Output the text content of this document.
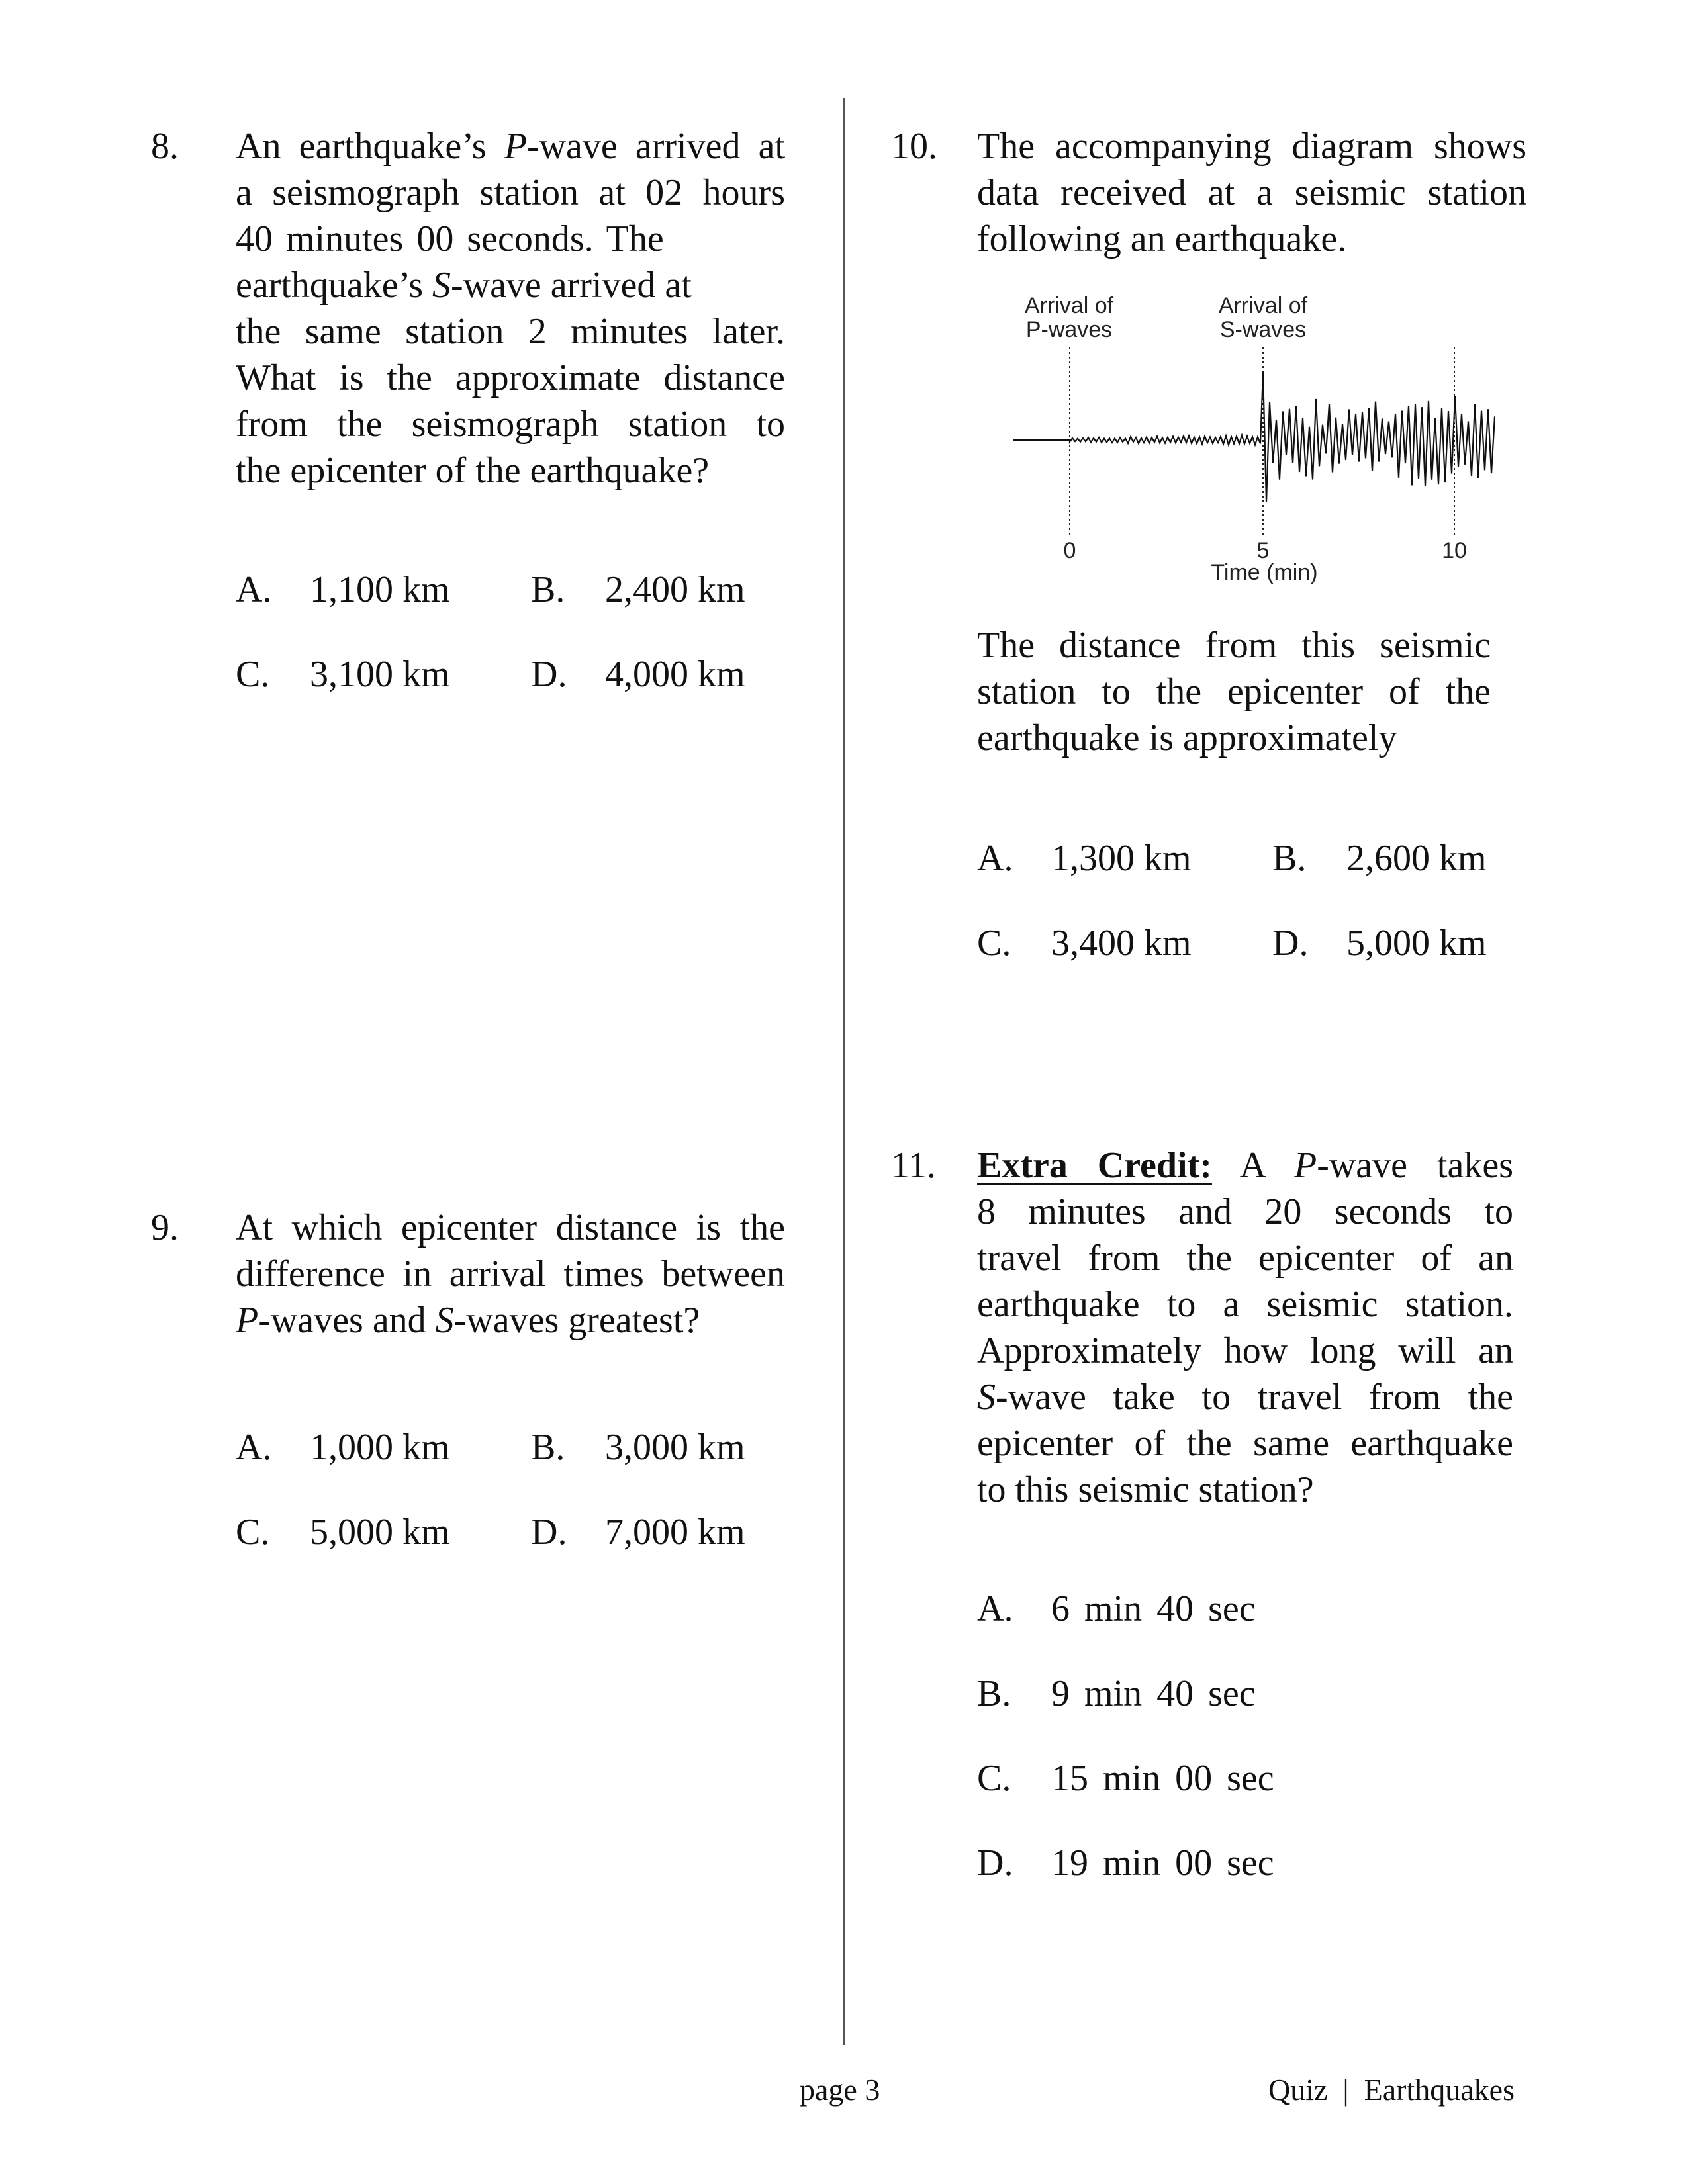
8. An earthquake’s P-wave arrived at
a seismograph station at 02 hours
40 minutes 00 seconds. The
earthquake’s S-wave arrived at
the same station 2 minutes later.
What is the approximate distance
from the seismograph station to
the epicenter of the earthquake?
A. 1,100 km B. 2,400 km
C. 3,100 km D. 4,000 km
9. At which epicenter distance is the
difference in arrival times between
P-waves and S-waves greatest?
A. 1,000 km B. 3,000 km
C. 5,000 km D. 7,000 km
10. The accompanying diagram shows
data received at a seismic station
following an earthquake.
Arrival of
P-waves
Arrival of
S-waves
0	5	10
Time (min)
The distance from this seismic
station to the epicenter of the
earthquake is approximately
A. 1,300 km B. 2,600 km
C. 3,400 km D. 5,000 km
11. Extra Credit: A P-wave takes
8 minutes and 20 seconds to
travel from the epicenter of an
earthquake to a seismic station.
Approximately how long will an
S-wave take to travel from the
epicenter of the same earthquake
to this seismic station?
A. 6 min 40 sec
B. 9 min 40 sec
C. 15 min 00 sec
D. 19 min 00 sec
page 3	Quiz | Earthquakes
